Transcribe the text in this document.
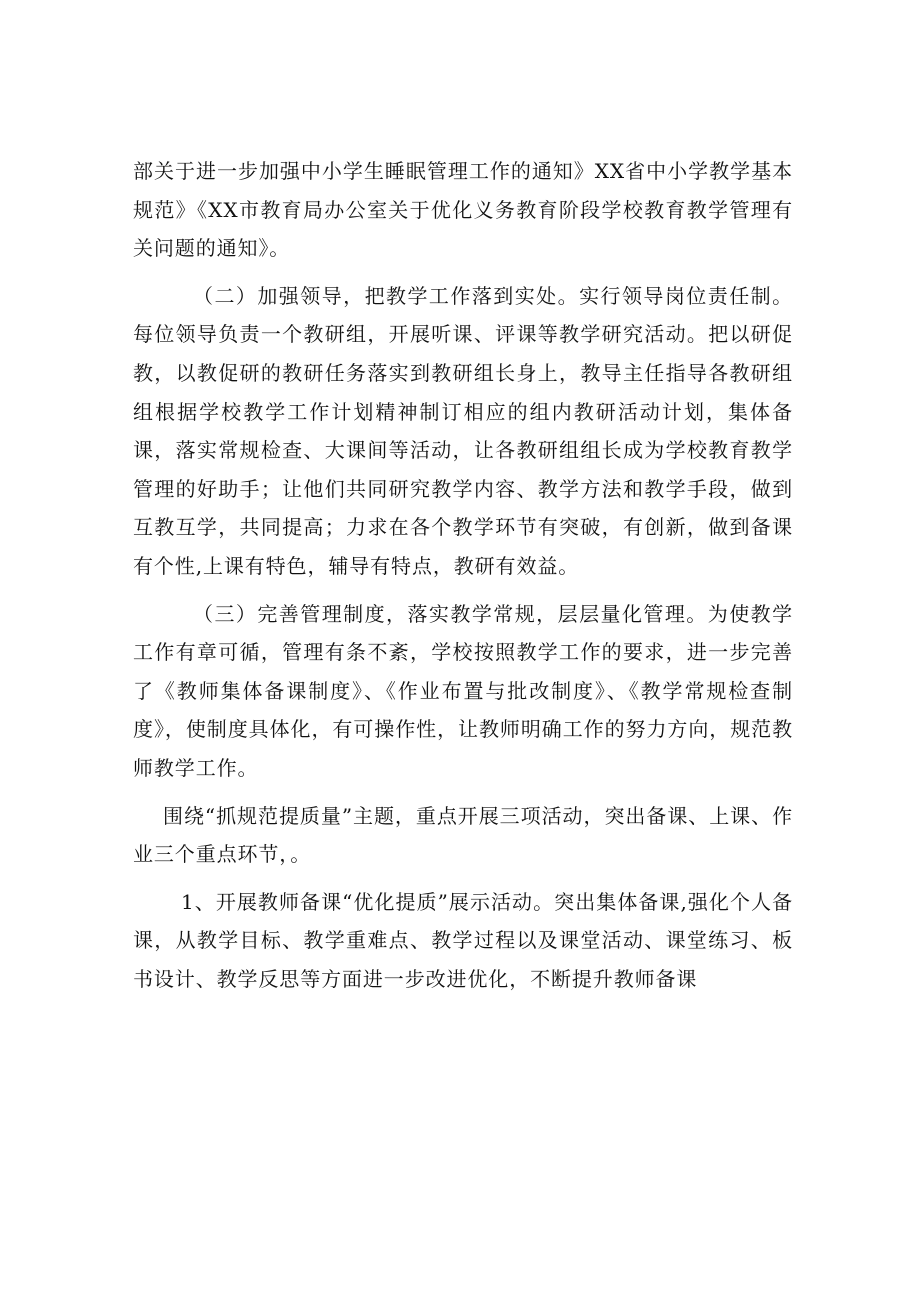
部关于进一步加强中小学生睡眠管理工作的通知》XX省中小学教学基本规范》《XX市教育局办公室关于优化义务教育阶段学校教育教学管理有关问题的通知》。

（二）加强领导，把教学工作落到实处。实行领导岗位责任制。每位领导负责一个教研组，开展听课、评课等教学研究活动。把以研促教，以教促研的教研任务落实到教研组长身上，教导主任指导各教研组组根据学校教学工作计划精神制订相应的组内教研活动计划，集体备课，落实常规检查、大课间等活动，让各教研组组长成为学校教育教学管理的好助手；让他们共同研究教学内容、教学方法和教学手段，做到互教互学，共同提高；力求在各个教学环节有突破，有创新，做到备课有个性,上课有特色，辅导有特点，教研有效益。

（三）完善管理制度，落实教学常规，层层量化管理。为使教学工作有章可循，管理有条不紊，学校按照教学工作的要求，进一步完善了《教师集体备课制度》、《作业布置与批改制度》、《教学常规检查制度》，使制度具体化，有可操作性，让教师明确工作的努力方向，规范教师教学工作。

围绕“抓规范提质量”主题，重点开展三项活动，突出备课、上课、作业三个重点环节，。

1、开展教师备课“优化提质”展示活动。突出集体备课,强化个人备课，从教学目标、教学重难点、教学过程以及课堂活动、课堂练习、板书设计、教学反思等方面进一步改进优化，不断提升教师备课
